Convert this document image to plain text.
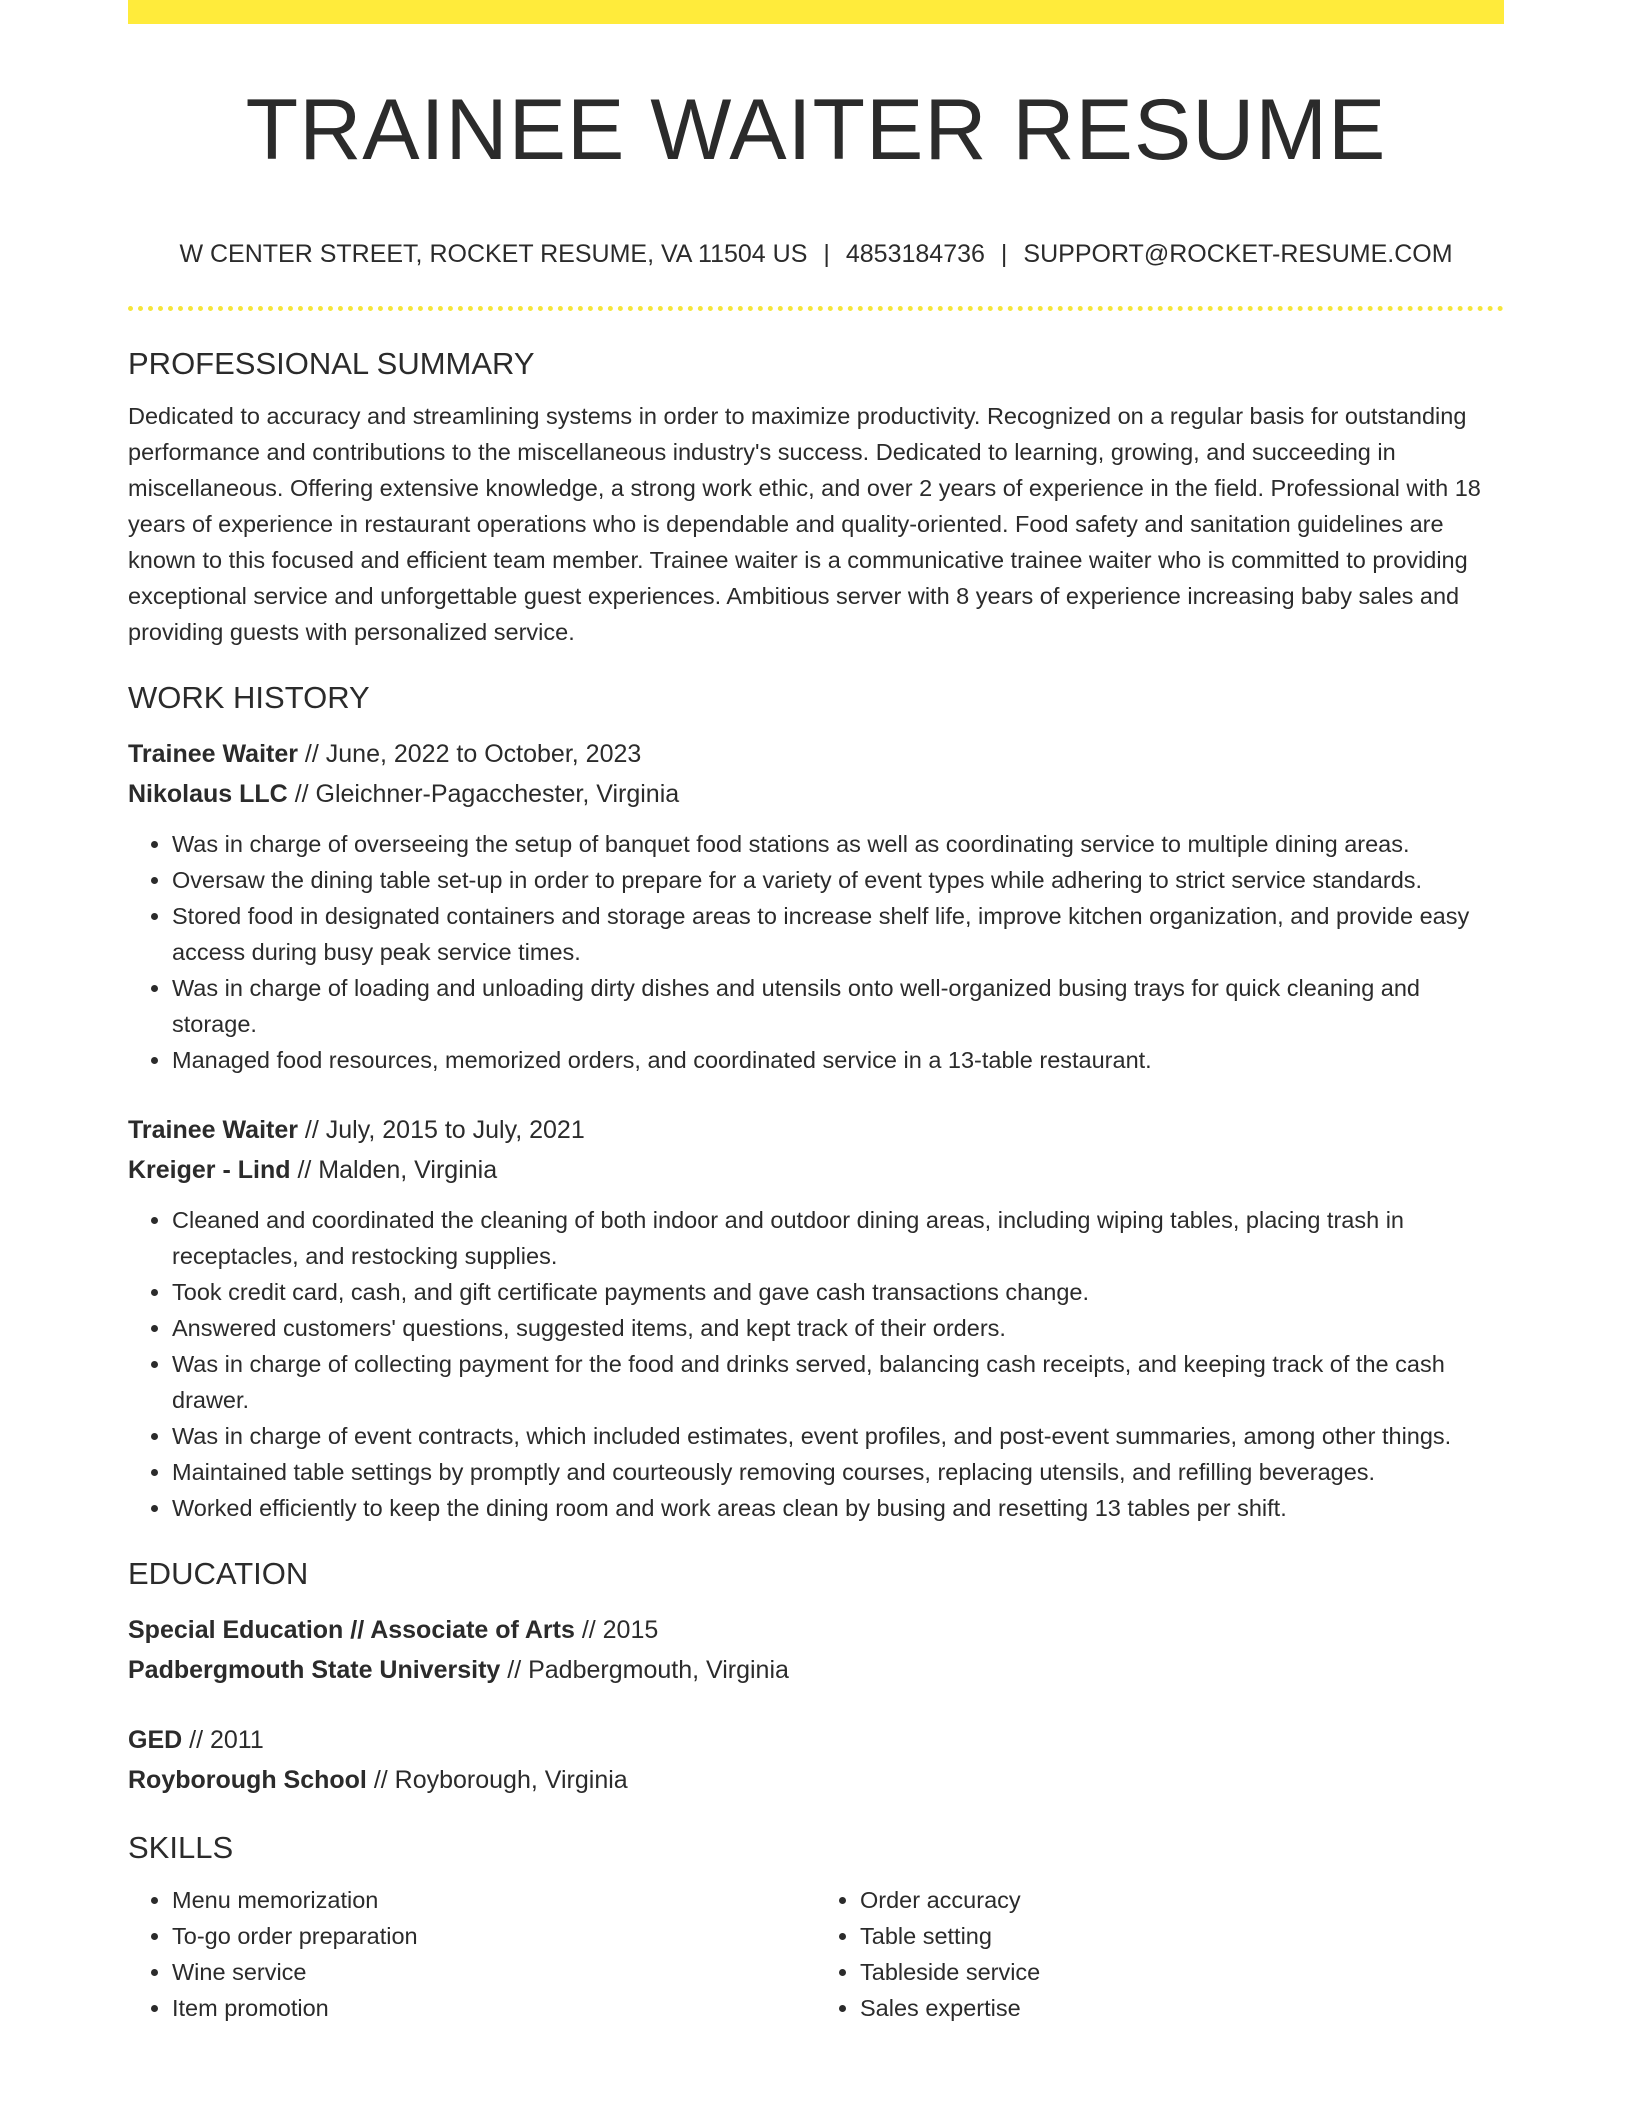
TRAINEE WAITER RESUME
W CENTER STREET, ROCKET RESUME, VA 11504 US | 4853184736 | SUPPORT@ROCKET-RESUME.COM
PROFESSIONAL SUMMARY

Dedicated to accuracy and streamlining systems in order to maximize productivity. Recognized on a regular basis for outstanding performance and contributions to the miscellaneous industry's success. Dedicated to learning, growing, and succeeding in miscellaneous. Offering extensive knowledge, a strong work ethic, and over 2 years of experience in the field. Professional with 18 years of experience in restaurant operations who is dependable and quality-oriented. Food safety and sanitation guidelines are known to this focused and efficient team member. Trainee waiter is a communicative trainee waiter who is committed to providing exceptional service and unforgettable guest experiences. Ambitious server with 8 years of experience increasing baby sales and providing guests with personalized service.

WORK HISTORY

Trainee Waiter // June, 2022 to October, 2023

Nikolaus LLC // Gleichner-Pagacchester, Virginia

• Was in charge of overseeing the setup of banquet food stations as well as coordinating service to multiple dining areas.
• Oversaw the dining table set-up in order to prepare for a variety of event types while adhering to strict service standards.
• Stored food in designated containers and storage areas to increase shelf life, improve kitchen organization, and provide easy access during busy peak service times.
• Was in charge of loading and unloading dirty dishes and utensils onto well-organized busing trays for quick cleaning and storage.
• Managed food resources, memorized orders, and coordinated service in a 13-table restaurant.

Trainee Waiter // July, 2015 to July, 2021

Kreiger - Lind // Malden, Virginia

• Cleaned and coordinated the cleaning of both indoor and outdoor dining areas, including wiping tables, placing trash in receptacles, and restocking supplies.
• Took credit card, cash, and gift certificate payments and gave cash transactions change.
• Answered customers' questions, suggested items, and kept track of their orders.
• Was in charge of collecting payment for the food and drinks served, balancing cash receipts, and keeping track of the cash drawer.
• Was in charge of event contracts, which included estimates, event profiles, and post-event summaries, among other things.
• Maintained table settings by promptly and courteously removing courses, replacing utensils, and refilling beverages.
• Worked efficiently to keep the dining room and work areas clean by busing and resetting 13 tables per shift.
EDUCATION

Special Education // Associate of Arts // 2015

Padbergmouth State University // Padbergmouth, Virginia

GED // 2011

Royborough School // Royborough, Virginia

SKILLS
• Menu memorization
• To-go order preparation
• Wine service
• Item promotion
• Order accuracy
• Table setting
• Tableside service
• Sales expertise
